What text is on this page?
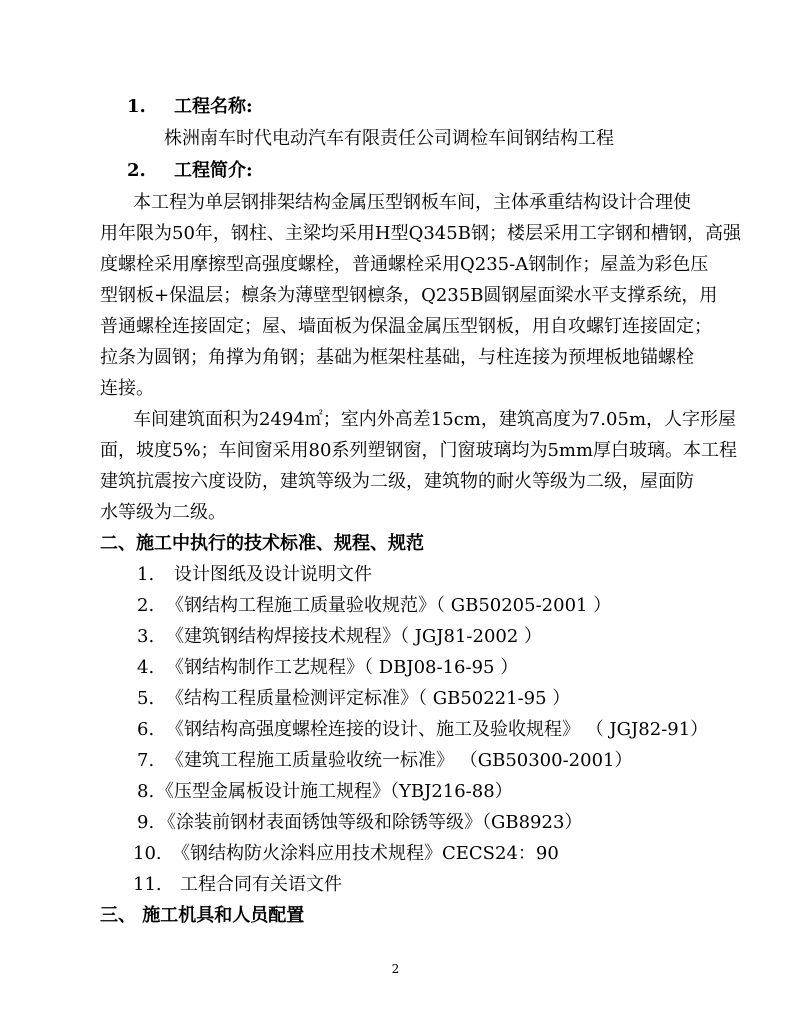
1. 工程名称:
株洲南车时代电动汽车有限责任公司调检车间钢结构工程
2. 工程简介:
本工程为单层钢排架结构金属压型钢板车间，主体承重结构设计合理使
用年限为50年，钢柱、主梁均采用H型Q345B钢；楼层采用工字钢和槽钢，高强
度螺栓采用摩擦型高强度螺栓，普通螺栓采用Q235-A钢制作；屋盖为彩色压
型钢板+保温层；檩条为薄壁型钢檩条，Q235B圆钢屋面梁水平支撑系统，用
普通螺栓连接固定；屋、墙面板为保温金属压型钢板，用自攻螺钉连接固定；
拉条为圆钢；角撑为角钢；基础为框架柱基础，与柱连接为预埋板地锚螺栓
连接。
车间建筑面积为2494㎡；室内外高差15cm，建筑高度为7.05m，人字形屋
面，坡度5%；车间窗采用80系列塑钢窗，门窗玻璃均为5mm厚白玻璃。本工程
建筑抗震按六度设防，建筑等级为二级，建筑物的耐火等级为二级，屋面防
水等级为二级。
二、施工中执行的技术标准、规程、规范
1. 设计图纸及设计说明文件
2. 《钢结构工程施工质量验收规范》（ GB50205-2001 ）
3. 《建筑钢结构焊接技术规程》（ JGJ81-2002 ）
4. 《钢结构制作工艺规程》（ DBJ08-16-95 ）
5. 《结构工程质量检测评定标准》（ GB50221-95 ）
6. 《钢结构高强度螺栓连接的设计、施工及验收规程》 （ JGJ82-91）
7. 《建筑工程施工质量验收统一标准》 （GB50300-2001）
8. 《压型金属板设计施工规程》（YBJ216-88）
9. 《涂装前钢材表面锈蚀等级和除锈等级》（GB8923）
10. 《钢结构防火涂料应用技术规程》CECS24：90
11. 工程合同有关语文件
三、 施工机具和人员配置
2
